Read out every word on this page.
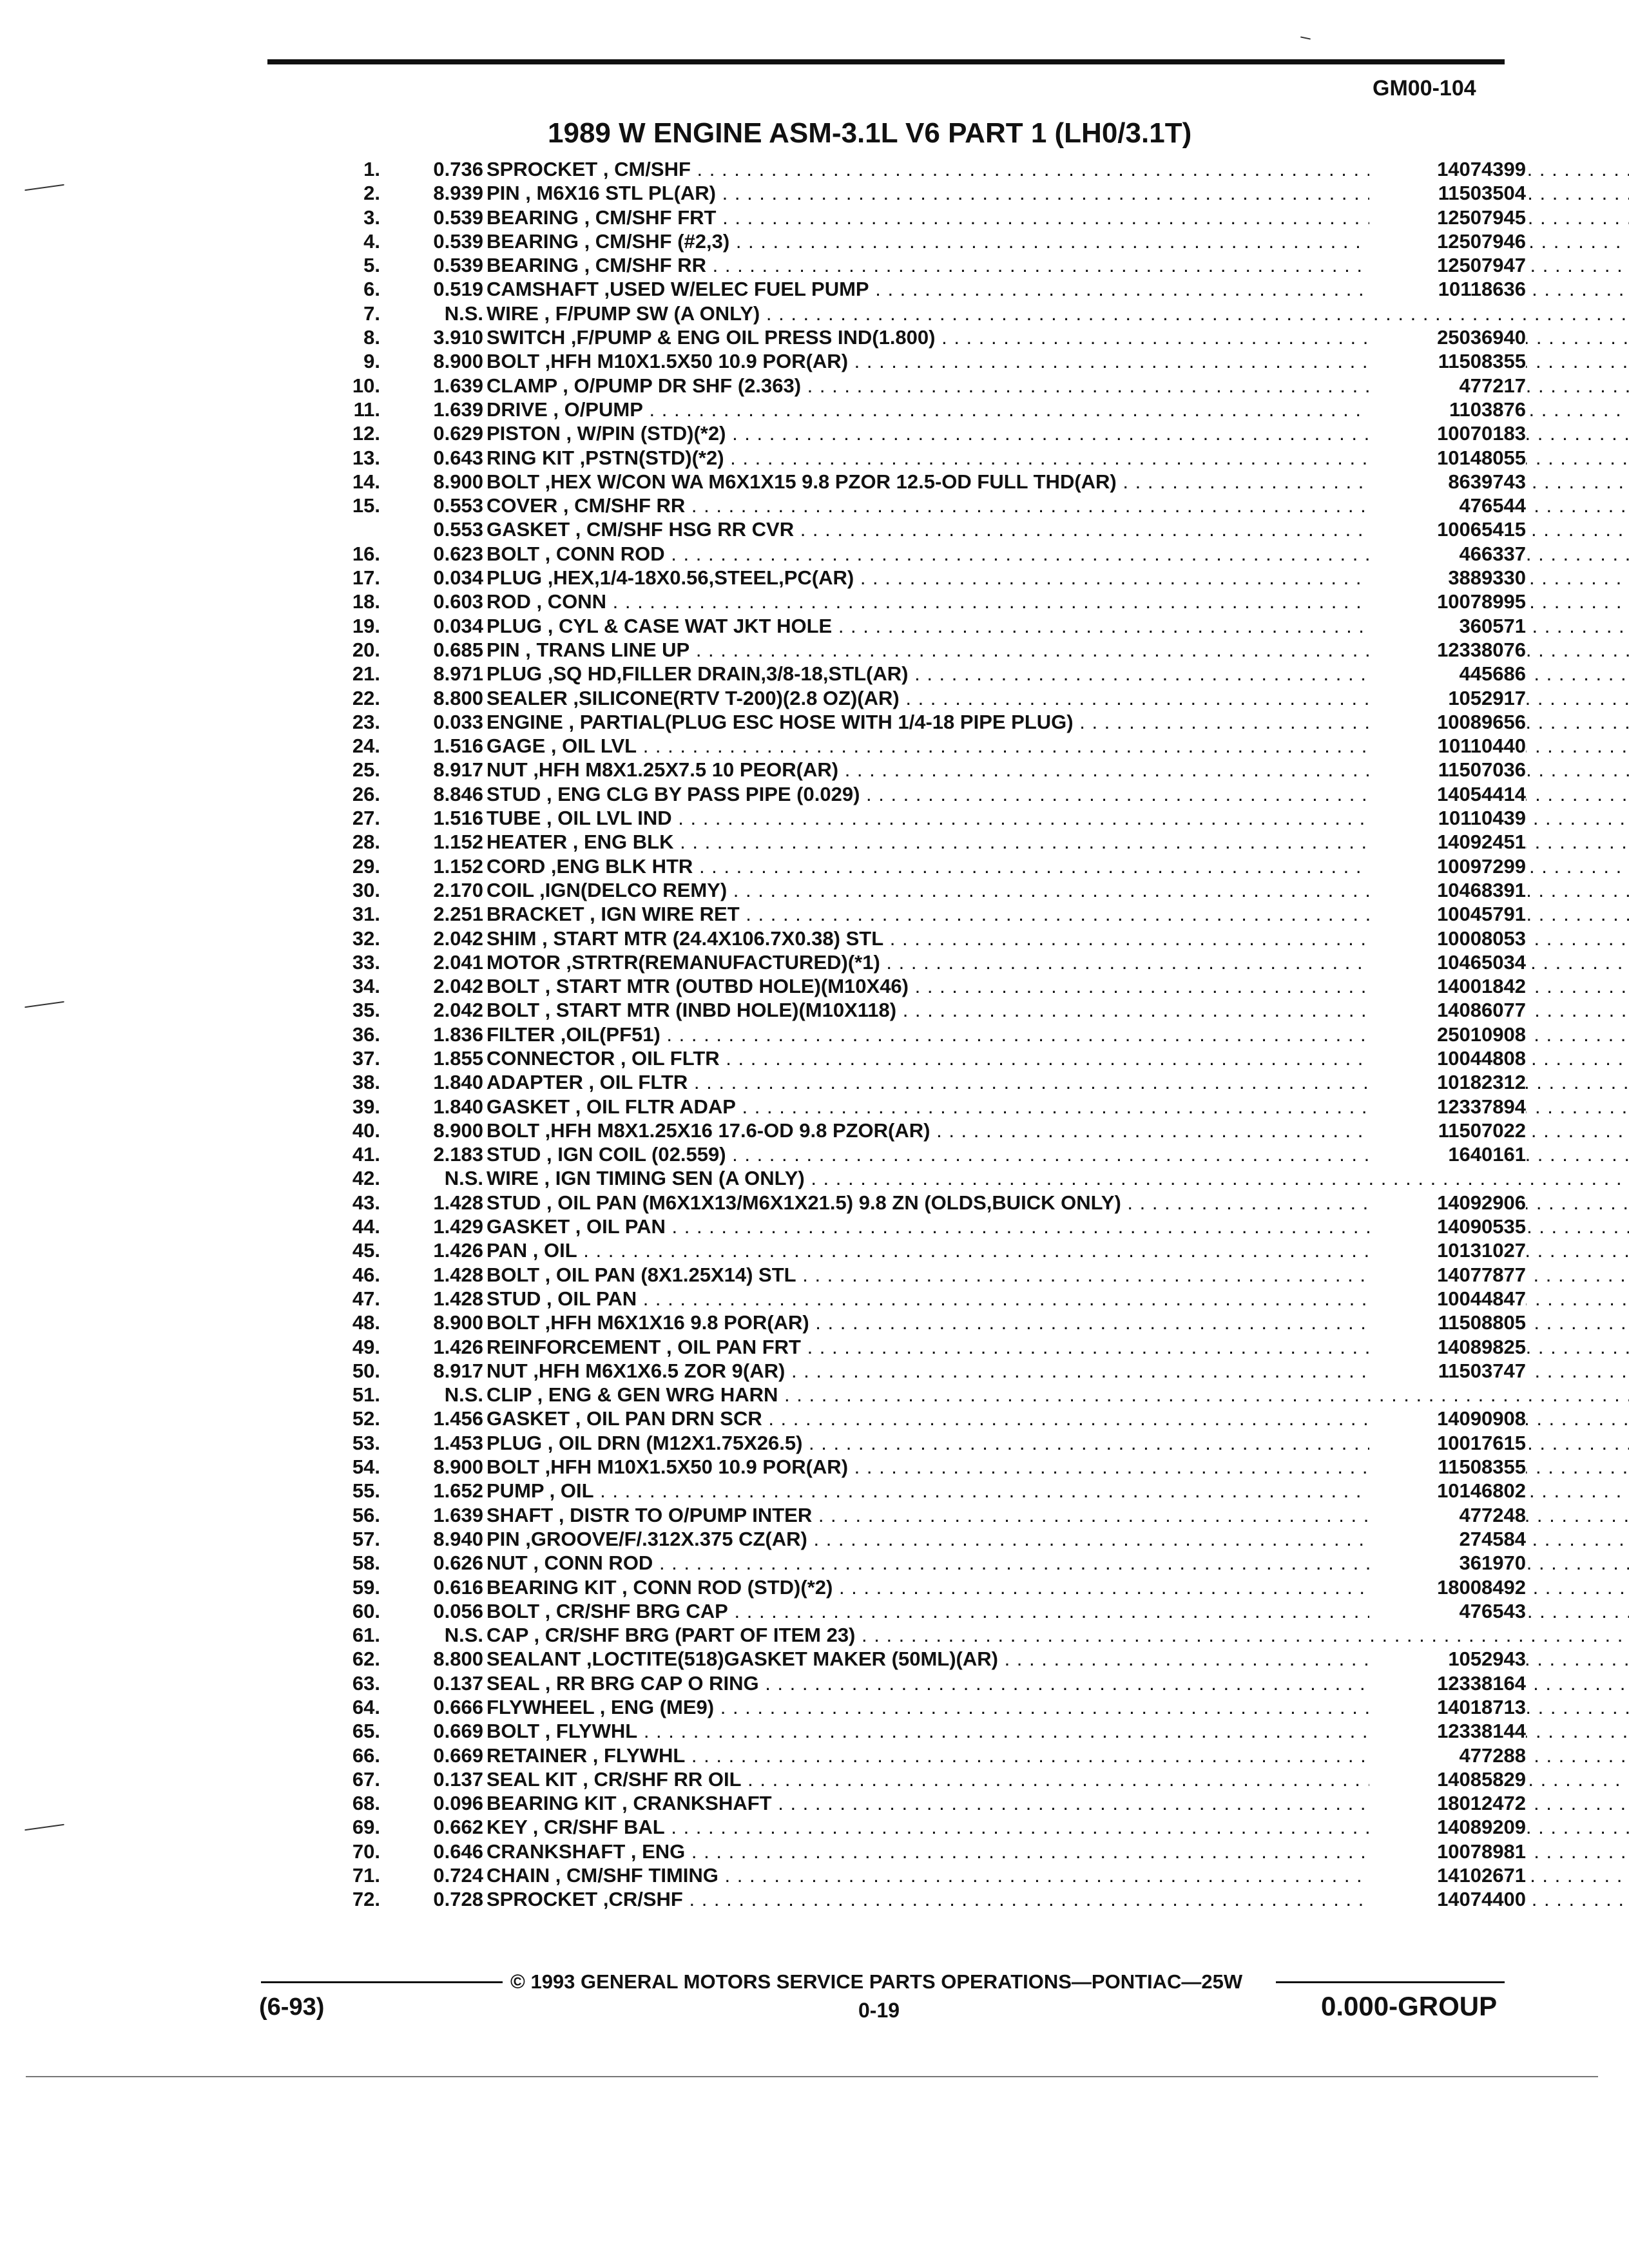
GM00-104
1989 W ENGINE ASM-3.1L V6 PART 1 (LH0/3.1T)
1.	0.736 SPROCKET , CM/SHF . . .	14074399
2.	8.939 PIN , M6X16 STL PL(AR) . . .	11503504
3.	0.539 BEARING , CM/SHF FRT . . .	12507945
4.	0.539 BEARING , CM/SHF (#2,3) . . .	12507946
5.	0.539 BEARING , CM/SHF RR . . .	12507947
6.	0.519 CAMSHAFT ,USED W/ELEC FUEL PUMP . . .	10118636
7.	N.S. WIRE , F/PUMP SW (A ONLY) . . .
8.	3.910 SWITCH ,F/PUMP & ENG OIL PRESS IND(1.800) . . .	25036940
9.	8.900 BOLT ,HFH M10X1.5X50 10.9 POR(AR) . . .	11508355
10.	1.639 CLAMP , O/PUMP DR SHF (2.363) . . .	477217
11.	1.639 DRIVE , O/PUMP . . .	1103876
12.	0.629 PISTON , W/PIN (STD)(*2) . . .	10070183
13.	0.643 RING KIT ,PSTN(STD)(*2) . . .	10148055
14.	8.900 BOLT ,HEX W/CON WA M6X1X15 9.8 PZOR 12.5-OD FULL THD(AR) . . .	8639743
15.	0.553 COVER , CM/SHF RR . . .	476544
0.553 GASKET , CM/SHF HSG RR CVR . . .	10065415
16.	0.623 BOLT , CONN ROD . . .	466337
17.	0.034 PLUG ,HEX,1/4-18X0.56,STEEL,PC(AR) . . .	3889330
18.	0.603 ROD , CONN . . .	10078995
19.	0.034 PLUG , CYL & CASE WAT JKT HOLE . . .	360571
20.	0.685 PIN , TRANS LINE UP . . .	12338076
21.	8.971 PLUG ,SQ HD,FILLER DRAIN,3/8-18,STL(AR) . . .	445686
22.	8.800 SEALER ,SILICONE(RTV T-200)(2.8 OZ)(AR) . . .	1052917
23.	0.033 ENGINE , PARTIAL(PLUG ESC HOSE WITH 1/4-18 PIPE PLUG) . . .	10089656
24.	1.516 GAGE , OIL LVL . . .	10110440
25.	8.917 NUT ,HFH M8X1.25X7.5 10 PEOR(AR) . . .	11507036
26.	8.846 STUD , ENG CLG BY PASS PIPE (0.029) . . .	14054414
27.	1.516 TUBE , OIL LVL IND . . .	10110439
28.	1.152 HEATER , ENG BLK . . .	14092451
29.	1.152 CORD ,ENG BLK HTR . . .	10097299
30.	2.170 COIL ,IGN(DELCO REMY) . . .	10468391
31.	2.251 BRACKET , IGN WIRE RET . . .	10045791
32.	2.042 SHIM , START MTR (24.4X106.7X0.38) STL . . .	10008053
33.	2.041 MOTOR ,STRTR(REMANUFACTURED)(*1) . . .	10465034
34.	2.042 BOLT , START MTR (OUTBD HOLE)(M10X46) . . .	14001842
35.	2.042 BOLT , START MTR (INBD HOLE)(M10X118) . . .	14086077
36.	1.836 FILTER ,OIL(PF51) . . .	25010908
37.	1.855 CONNECTOR , OIL FLTR . . .	10044808
38.	1.840 ADAPTER , OIL FLTR . . .	10182312
39.	1.840 GASKET , OIL FLTR ADAP . . .	12337894
40.	8.900 BOLT ,HFH M8X1.25X16 17.6-OD 9.8 PZOR(AR) . . .	11507022
41.	2.183 STUD , IGN COIL (02.559) . . .	1640161
42.	N.S. WIRE , IGN TIMING SEN (A ONLY) . . .
43.	1.428 STUD , OIL PAN (M6X1X13/M6X1X21.5) 9.8 ZN (OLDS,BUICK ONLY) . . .	14092906
44.	1.429 GASKET , OIL PAN . . .	14090535
45.	1.426 PAN , OIL . . .	10131027
46.	1.428 BOLT , OIL PAN (8X1.25X14) STL . . .	14077877
47.	1.428 STUD , OIL PAN . . .	10044847
48.	8.900 BOLT ,HFH M6X1X16 9.8 POR(AR) . . .	11508805
49.	1.426 REINFORCEMENT , OIL PAN FRT . . .	14089825
50.	8.917 NUT ,HFH M6X1X6.5 ZOR 9(AR) . . .	11503747
51.	N.S. CLIP , ENG & GEN WRG HARN . . .
52.	1.456 GASKET , OIL PAN DRN SCR . . .	14090908
53.	1.453 PLUG , OIL DRN (M12X1.75X26.5) . . .	10017615
54.	8.900 BOLT ,HFH M10X1.5X50 10.9 POR(AR) . . .	11508355
55.	1.652 PUMP , OIL . . .	10146802
56.	1.639 SHAFT , DISTR TO O/PUMP INTER . . .	477248
57.	8.940 PIN ,GROOVE/F/.312X.375 CZ(AR) . . .	274584
58.	0.626 NUT , CONN ROD . . .	361970
59.	0.616 BEARING KIT , CONN ROD (STD)(*2) . . .	18008492
60.	0.056 BOLT , CR/SHF BRG CAP . . .	476543
61.	N.S. CAP , CR/SHF BRG (PART OF ITEM 23) . . .
62.	8.800 SEALANT ,LOCTITE(518)GASKET MAKER (50ML)(AR) . . .	1052943
63.	0.137 SEAL , RR BRG CAP O RING . . .	12338164
64.	0.666 FLYWHEEL , ENG (ME9) . . .	14018713
65.	0.669 BOLT , FLYWHL . . .	12338144
66.	0.669 RETAINER , FLYWHL . . .	477288
67.	0.137 SEAL KIT , CR/SHF RR OIL . . .	14085829
68.	0.096 BEARING KIT , CRANKSHAFT . . .	18012472
69.	0.662 KEY , CR/SHF BAL . . .	14089209
70.	0.646 CRANKSHAFT , ENG . . .	10078981
71.	0.724 CHAIN , CM/SHF TIMING . . .	14102671
72.	0.728 SPROCKET ,CR/SHF . . .	14074400
© 1993 GENERAL MOTORS SERVICE PARTS OPERATIONS—PONTIAC—25W
(6-93)	0-19	0.000-GROUP
